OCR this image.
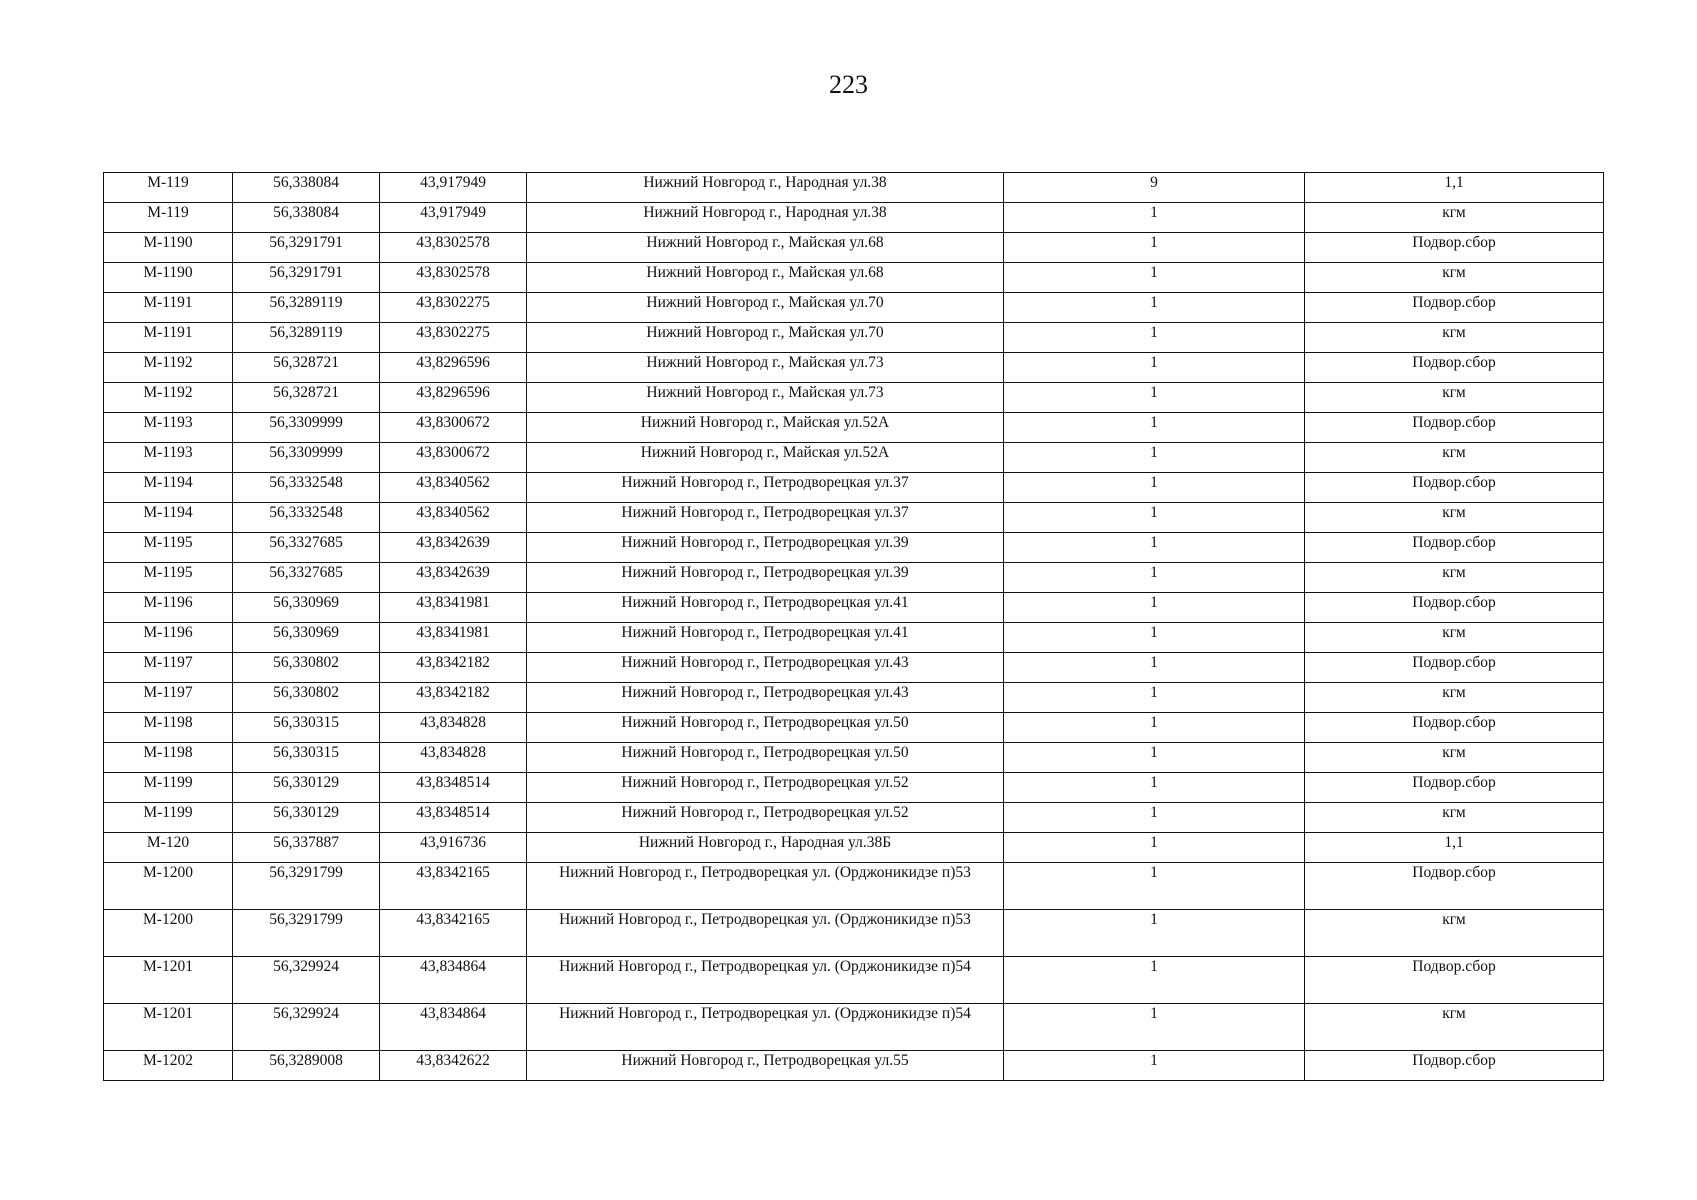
223
М-119	56,338084	43,917949	Нижний Новгород г., Народная ул.38	9	1,1
М-119	56,338084	43,917949	Нижний Новгород г., Народная ул.38	1	кгм
М-1190	56,3291791	43,8302578	Нижний Новгород г., Майская ул.68	1	Подвор.сбор
М-1190	56,3291791	43,8302578	Нижний Новгород г., Майская ул.68	1	кгм
М-1191	56,3289119	43,8302275	Нижний Новгород г., Майская ул.70	1	Подвор.сбор
М-1191	56,3289119	43,8302275	Нижний Новгород г., Майская ул.70	1	кгм
М-1192	56,328721	43,8296596	Нижний Новгород г., Майская ул.73	1	Подвор.сбор
М-1192	56,328721	43,8296596	Нижний Новгород г., Майская ул.73	1	кгм
М-1193	56,3309999	43,8300672	Нижний Новгород г., Майская ул.52А	1	Подвор.сбор
М-1193	56,3309999	43,8300672	Нижний Новгород г., Майская ул.52А	1	кгм
М-1194	56,3332548	43,8340562	Нижний Новгород г., Петродворецкая ул.37	1	Подвор.сбор
М-1194	56,3332548	43,8340562	Нижний Новгород г., Петродворецкая ул.37	1	кгм
М-1195	56,3327685	43,8342639	Нижний Новгород г., Петродворецкая ул.39	1	Подвор.сбор
М-1195	56,3327685	43,8342639	Нижний Новгород г., Петродворецкая ул.39	1	кгм
М-1196	56,330969	43,8341981	Нижний Новгород г., Петродворецкая ул.41	1	Подвор.сбор
М-1196	56,330969	43,8341981	Нижний Новгород г., Петродворецкая ул.41	1	кгм
М-1197	56,330802	43,8342182	Нижний Новгород г., Петродворецкая ул.43	1	Подвор.сбор
М-1197	56,330802	43,8342182	Нижний Новгород г., Петродворецкая ул.43	1	кгм
М-1198	56,330315	43,834828	Нижний Новгород г., Петродворецкая ул.50	1	Подвор.сбор
М-1198	56,330315	43,834828	Нижний Новгород г., Петродворецкая ул.50	1	кгм
М-1199	56,330129	43,8348514	Нижний Новгород г., Петродворецкая ул.52	1	Подвор.сбор
М-1199	56,330129	43,8348514	Нижний Новгород г., Петродворецкая ул.52	1	кгм
М-120	56,337887	43,916736	Нижний Новгород г., Народная ул.38Б	1	1,1
М-1200	56,3291799	43,8342165	Нижний Новгород г., Петродворецкая ул. (Орджоникидзе п)53	1	Подвор.сбор
М-1200	56,3291799	43,8342165	Нижний Новгород г., Петродворецкая ул. (Орджоникидзе п)53	1	кгм
М-1201	56,329924	43,834864	Нижний Новгород г., Петродворецкая ул. (Орджоникидзе п)54	1	Подвор.сбор
М-1201	56,329924	43,834864	Нижний Новгород г., Петродворецкая ул. (Орджоникидзе п)54	1	кгм
М-1202	56,3289008	43,8342622	Нижний Новгород г., Петродворецкая ул.55	1	Подвор.сбор
